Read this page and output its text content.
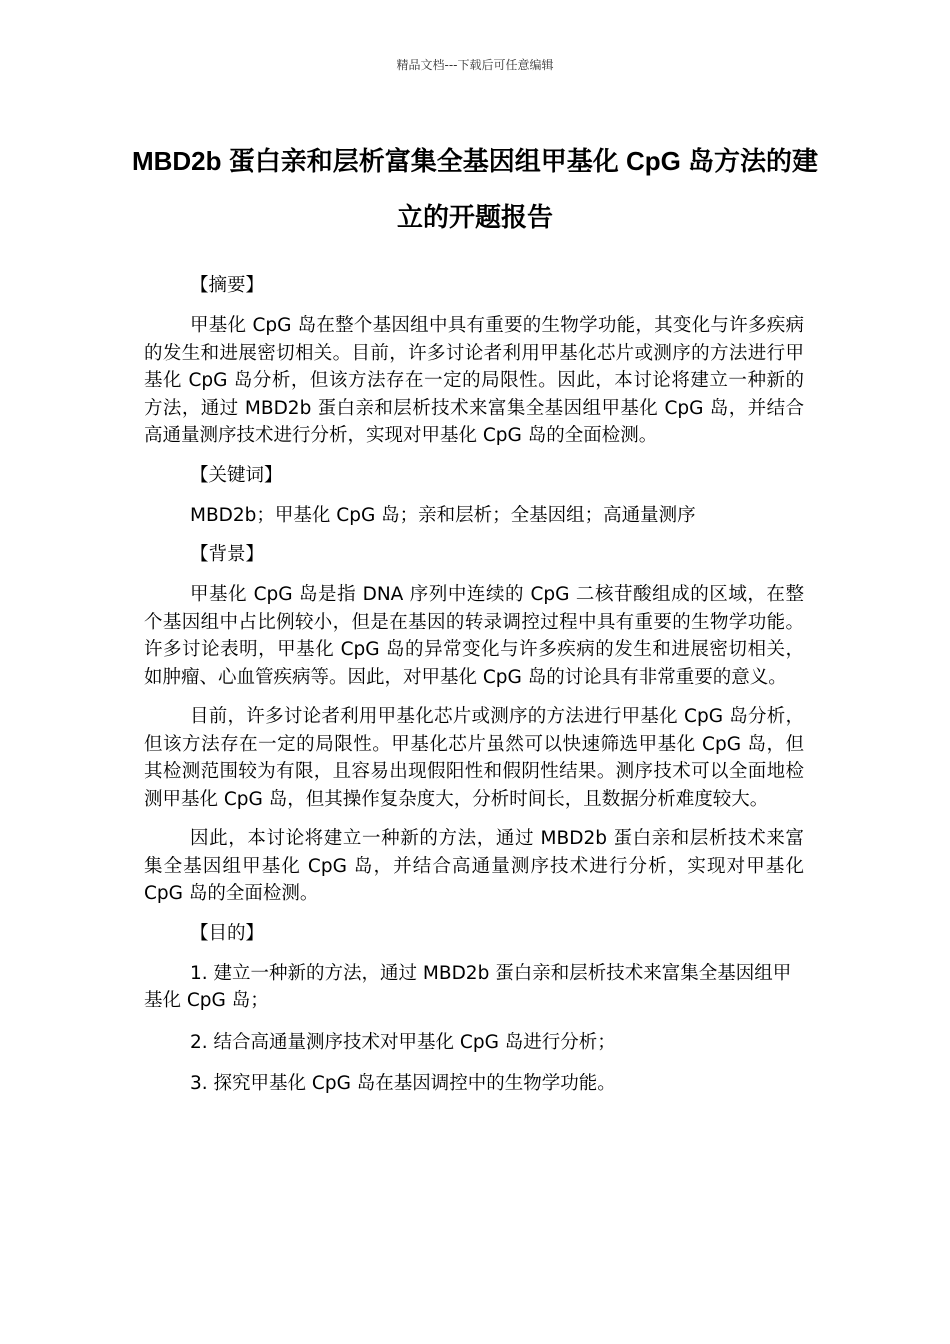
精品文档---下载后可任意编辑
MBD2b 蛋白亲和层析富集全基因组甲基化 CpG 岛方法的建立的开题报告

【摘要】

甲基化 CpG 岛在整个基因组中具有重要的生物学功能，其变化与许多疾病的发生和进展密切相关。目前，许多讨论者利用甲基化芯片或测序的方法进行甲基化 CpG 岛分析，但该方法存在一定的局限性。因此，本讨论将建立一种新的方法，通过 MBD2b 蛋白亲和层析技术来富集全基因组甲基化 CpG 岛，并结合高通量测序技术进行分析，实现对甲基化 CpG 岛的全面检测。

【关键词】

MBD2b；甲基化 CpG 岛；亲和层析；全基因组；高通量测序

【背景】

甲基化 CpG 岛是指 DNA 序列中连续的 CpG 二核苷酸组成的区域，在整个基因组中占比例较小，但是在基因的转录调控过程中具有重要的生物学功能。许多讨论表明，甲基化 CpG 岛的异常变化与许多疾病的发生和进展密切相关，如肿瘤、心血管疾病等。因此，对甲基化 CpG 岛的讨论具有非常重要的意义。

目前，许多讨论者利用甲基化芯片或测序的方法进行甲基化 CpG 岛分析，但该方法存在一定的局限性。甲基化芯片虽然可以快速筛选甲基化 CpG 岛，但其检测范围较为有限，且容易出现假阳性和假阴性结果。测序技术可以全面地检测甲基化 CpG 岛，但其操作复杂度大，分析时间长，且数据分析难度较大。

因此，本讨论将建立一种新的方法，通过 MBD2b 蛋白亲和层析技术来富集全基因组甲基化 CpG 岛，并结合高通量测序技术进行分析，实现对甲基化 CpG 岛的全面检测。

【目的】

1. 建立一种新的方法，通过 MBD2b 蛋白亲和层析技术来富集全基因组甲基化 CpG 岛；

2. 结合高通量测序技术对甲基化 CpG 岛进行分析；

3. 探究甲基化 CpG 岛在基因调控中的生物学功能。
